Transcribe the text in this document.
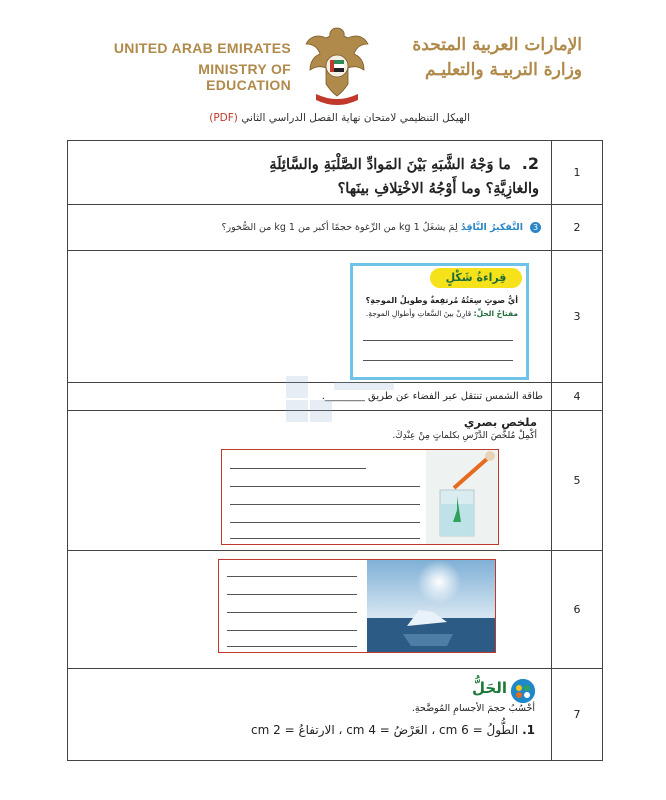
UNITED ARAB EMIRATES
MINISTRY OF EDUCATION
الإمارات العربية المتحدة
وزارة التربيـة والتعليـم
الهيكل التنظيمي لامتحان نهاية الفصل الدراسي الثاني (PDF)
2. ما وَجْهُ الشَّبَهِ بَيْنَ المَوادِّ الصَّلْبَةِ والسَّائِلَةِ
والغازِيَّةِ؟ وما أَوْجُهُ الاخْتِلافِ بينَها؟	1

3 التَّفكيرُ النَّاقِدُ لِمَ يشغَلُ 1 kg من الرِّغوة حجمًا أكبر من 1 kg من الصُّخور؟	2

قِراءةُ شَكْلٍ
أيُّ صوتٍ سِعَتُهُ مُرتفِعةٌ وطويلُ الموجةِ؟
مفتاحُ الحلِّ: قارِنْ بينَ السَّعاتِ وأطوالِ الموجةِ.	3

طاقة الشمس تنتقل عبر الفضاء عن طريق ________.	4

ملخص بصري
أكْمِلْ مُلخَّصَ الدَّرْسِ بكلماتٍ مِنْ عِنْدِكَ.	5

	6

الحَلُّ
أحْسُبُ حجمَ الأجسامِ المُوضَّحةِ.
1. الطُّولُ = 6 cm ، العَرْضُ = 4 cm ، الارتفاعُ = 2 cm	7
